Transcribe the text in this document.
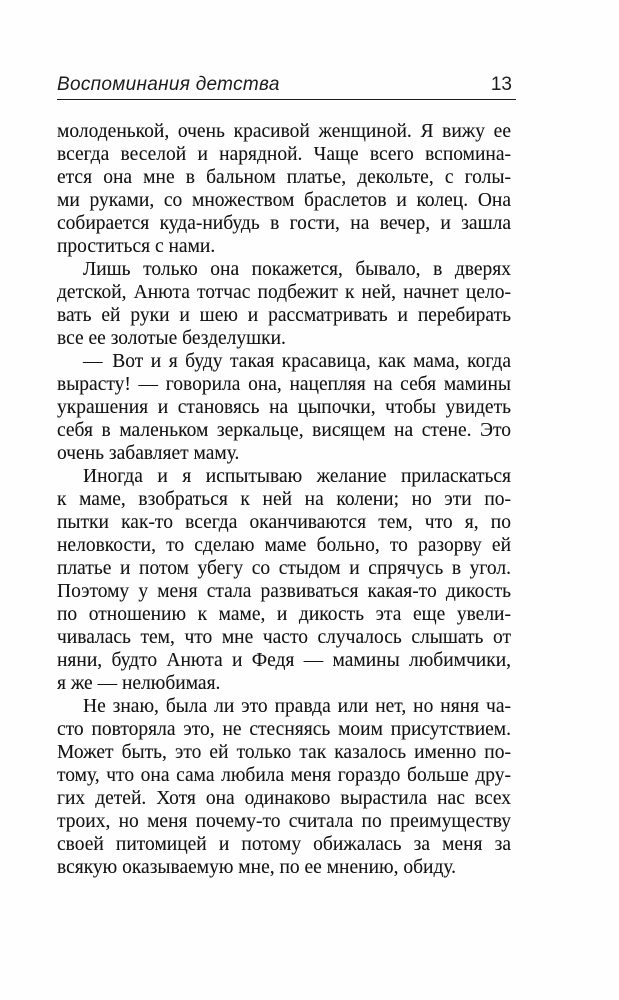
Воспоминания детства	13
молоденькой, очень красивой женщиной. Я вижу ее
всегда веселой и нарядной. Чаще всего вспомина-
ется она мне в бальном платье, декольте, с голы-
ми руками, со множеством браслетов и колец. Она
собирается куда-нибудь в гости, на вечер, и зашла
проститься с нами.
Лишь только она покажется, бывало, в дверях
детской, Анюта тотчас подбежит к ней, начнет цело-
вать ей руки и шею и рассматривать и перебирать
все ее золотые безделушки.
— Вот и я буду такая красавица, как мама, когда
вырасту! — говорила она, нацепляя на себя мамины
украшения и становясь на цыпочки, чтобы увидеть
себя в маленьком зеркальце, висящем на стене. Это
очень забавляет маму.
Иногда и я испытываю желание приласкаться
к маме, взобраться к ней на колени; но эти по-
пытки как-то всегда оканчиваются тем, что я, по
неловкости, то сделаю маме больно, то разорву ей
платье и потом убегу со стыдом и спрячусь в угол.
Поэтому у меня стала развиваться какая-то дикость
по отношению к маме, и дикость эта еще увели-
чивалась тем, что мне часто случалось слышать от
няни, будто Анюта и Федя — мамины любимчики,
я же — нелюбимая.
Не знаю, была ли это правда или нет, но няня ча-
сто повторяла это, не стесняясь моим присутствием.
Может быть, это ей только так казалось именно по-
тому, что она сама любила меня гораздо больше дру-
гих детей. Хотя она одинаково вырастила нас всех
троих, но меня почему-то считала по преимуществу
своей питомицей и потому обижалась за меня за
всякую оказываемую мне, по ее мнению, обиду.
